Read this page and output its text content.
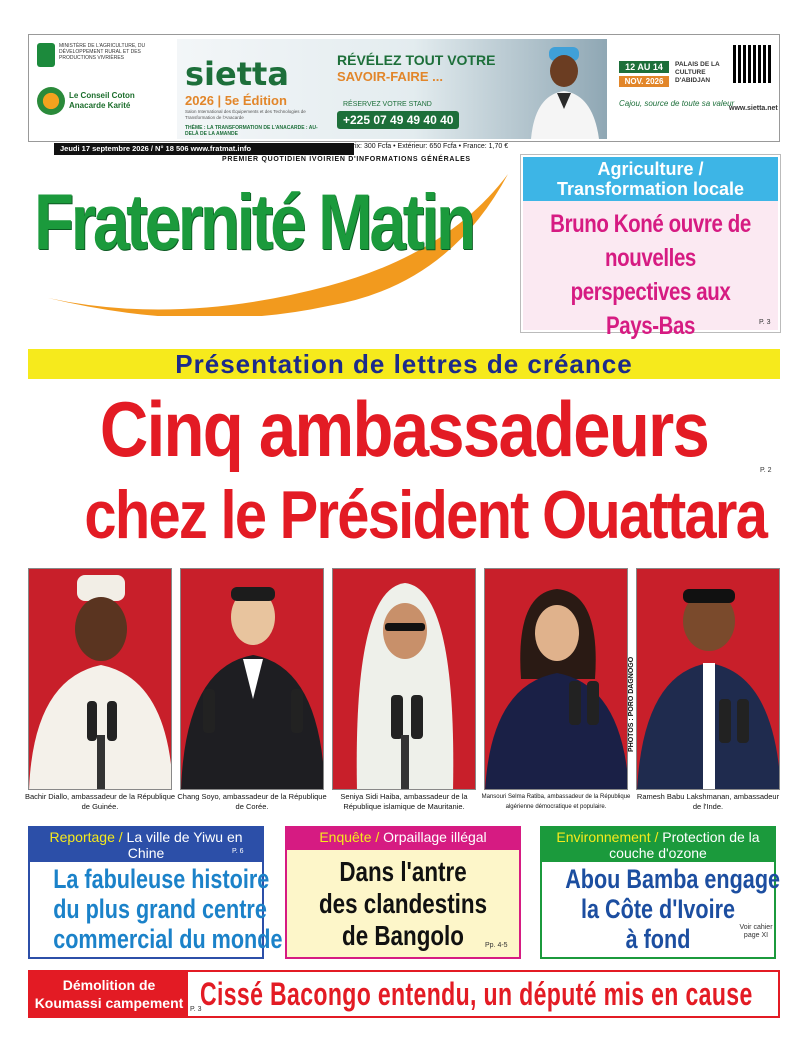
MINISTÈRE DE L'AGRICULTURE, DU DÉVELOPPEMENT RURAL ET DES PRODUCTIONS VIVRIÈRES
Le Conseil Coton Anacarde Karité
sietta
2026 | 5e Édition
Salon International des Équipements et des Technologies de Transformation de l'Anacarde
THÈME : LA TRANSFORMATION DE L'ANACARDE : AU-DELÀ DE LA AMANDE
RÉVÉLEZ TOUT VOTRE
SAVOIR-FAIRE ...
RÉSERVEZ VOTRE STAND
+225 07 49 49 40 40
12 AU 14
NOV. 2026
PALAIS DE LA CULTURE D'ABIDJAN
Cajou, source de toute sa valeur
www.sietta.net
Fraternité Matin
Jeudi 17 septembre 2026 / N° 18 506 www.fratmat.info	Prix: 300 Fcfa • Extérieur: 650 Fcfa • France: 1,70 €
PREMIER QUOTIDIEN IVOIRIEN D'INFORMATIONS GÉNÉRALES	Agriculture /
Transformation locale
Bruno Koné ouvre de nouvelles perspectives aux Pays-Bas	P. 3
Présentation de lettres de créance
Cinq ambassadeurs	P. 2
chez le Président Ouattara
PHOTOS : PORO DAGNOGO
Bachir Diallo, ambassadeur de la République de Guinée.
Chang Soyo, ambassadeur de la République de Corée.
Seniya Sidi Haiba, ambassadeur de la République islamique de Mauritanie.
Mansouri Selma Ratiba, ambassadeur de la République algérienne démocratique et populaire.
Ramesh Babu Lakshmanan, ambassadeur de l'Inde.
Reportage / La ville de Yiwu en Chine	P. 6
La fabuleuse histoire
du plus grand centre
commercial du monde
Enquête / Orpaillage illégal
Dans l'antre
des clandestins
de Bangolo	Pp. 4-5
Environnement / Protection de la couche d'ozone
Abou Bamba engage
la Côte d'Ivoire
à fond	Voir cahier page XI
Démolition de Koumassi campement P. 3
Cissé Bacongo entendu, un député mis en cause
